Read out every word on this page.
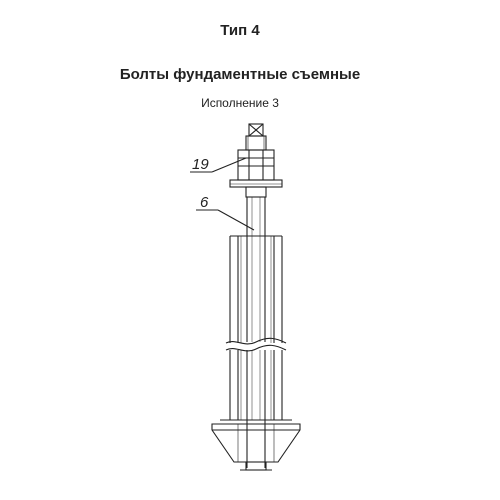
Тип 4
Болты фундаментные съемные
Исполнение 3
19
6
